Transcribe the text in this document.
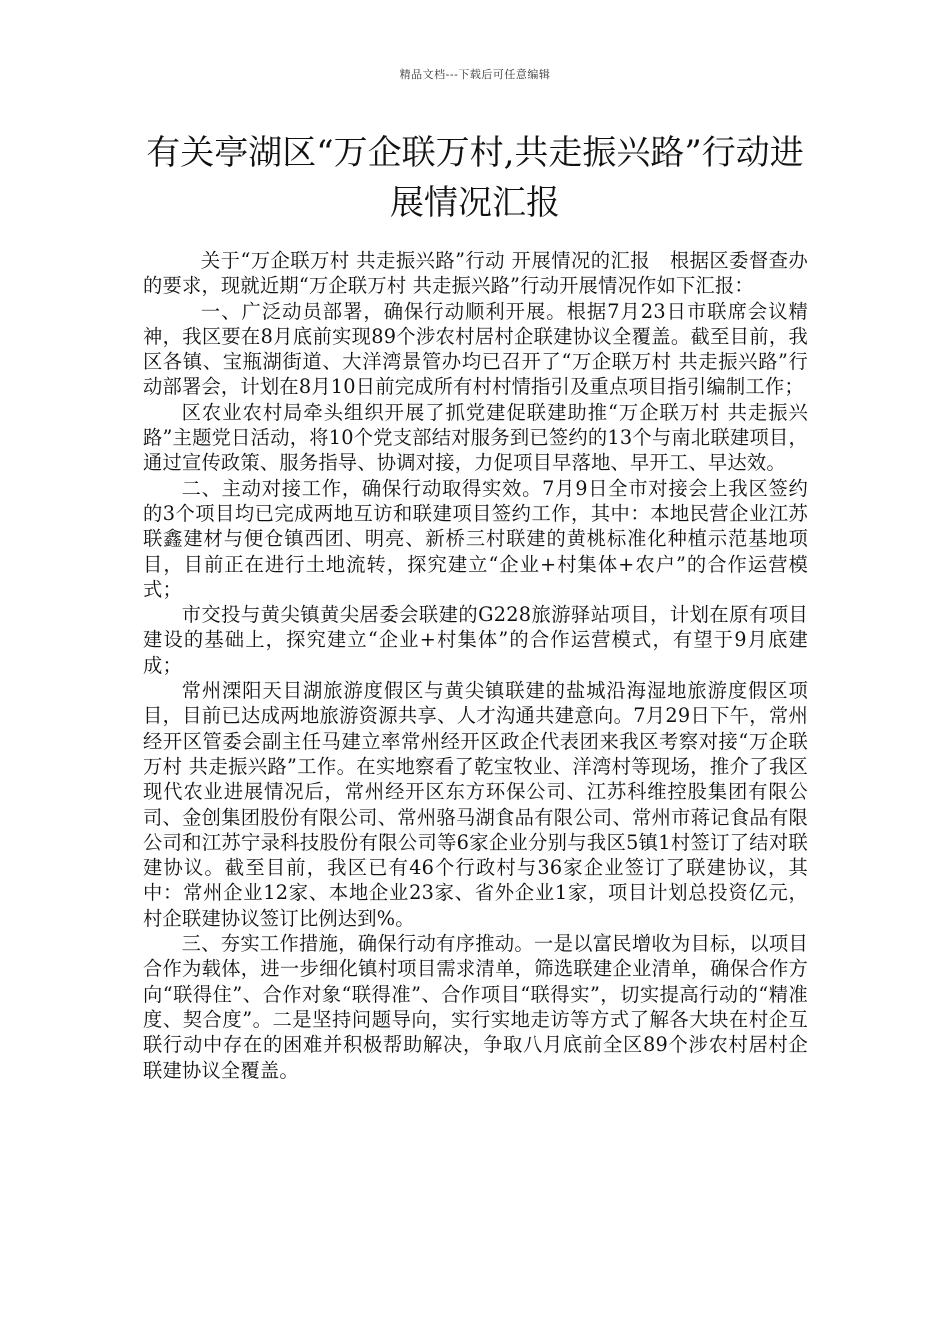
精品文档---下载后可任意编辑
有关亭湖区“万企联万村,共走振兴路”行动进展情况汇报

关于“万企联万村 共走振兴路”行动 开展情况的汇报　根据区委督查办的要求，现就近期“万企联万村 共走振兴路”行动开展情况作如下汇报：

一、广泛动员部署，确保行动顺利开展。根据7月23日市联席会议精神，我区要在8月底前实现89个涉农村居村企联建协议全覆盖。截至目前，我区各镇、宝瓶湖街道、大洋湾景管办均已召开了“万企联万村 共走振兴路”行动部署会，计划在8月10日前完成所有村村情指引及重点项目指引编制工作；

区农业农村局牵头组织开展了抓党建促联建助推“万企联万村 共走振兴路”主题党日活动，将10个党支部结对服务到已签约的13个与南北联建项目，通过宣传政策、服务指导、协调对接，力促项目早落地、早开工、早达效。

二、主动对接工作，确保行动取得实效。7月9日全市对接会上我区签约的3个项目均已完成两地互访和联建项目签约工作，其中：本地民营企业江苏联鑫建材与便仓镇西团、明亮、新桥三村联建的黄桃标准化种植示范基地项目，目前正在进行土地流转，探究建立“企业+村集体+农户”的合作运营模式；

市交投与黄尖镇黄尖居委会联建的G228旅游驿站项目，计划在原有项目建设的基础上，探究建立“企业+村集体”的合作运营模式，有望于9月底建成；

常州溧阳天目湖旅游度假区与黄尖镇联建的盐城沿海湿地旅游度假区项目，目前已达成两地旅游资源共享、人才沟通共建意向。7月29日下午，常州经开区管委会副主任马建立率常州经开区政企代表团来我区考察对接“万企联万村 共走振兴路”工作。在实地察看了乾宝牧业、洋湾村等现场，推介了我区现代农业进展情况后，常州经开区东方环保公司、江苏科维控股集团有限公司、金创集团股份有限公司、常州骆马湖食品有限公司、常州市蒋记食品有限公司和江苏宁录科技股份有限公司等6家企业分别与我区5镇1村签订了结对联建协议。截至目前，我区已有46个行政村与36家企业签订了联建协议，其中：常州企业12家、本地企业23家、省外企业1家，项目计划总投资亿元，村企联建协议签订比例达到%。

三、夯实工作措施，确保行动有序推动。一是以富民增收为目标，以项目合作为载体，进一步细化镇村项目需求清单，筛选联建企业清单，确保合作方向“联得住”、合作对象“联得准”、合作项目“联得实”，切实提高行动的“精准度、契合度”。二是坚持问题导向，实行实地走访等方式了解各大块在村企互联行动中存在的困难并积极帮助解决，争取八月底前全区89个涉农村居村企联建协议全覆盖。
